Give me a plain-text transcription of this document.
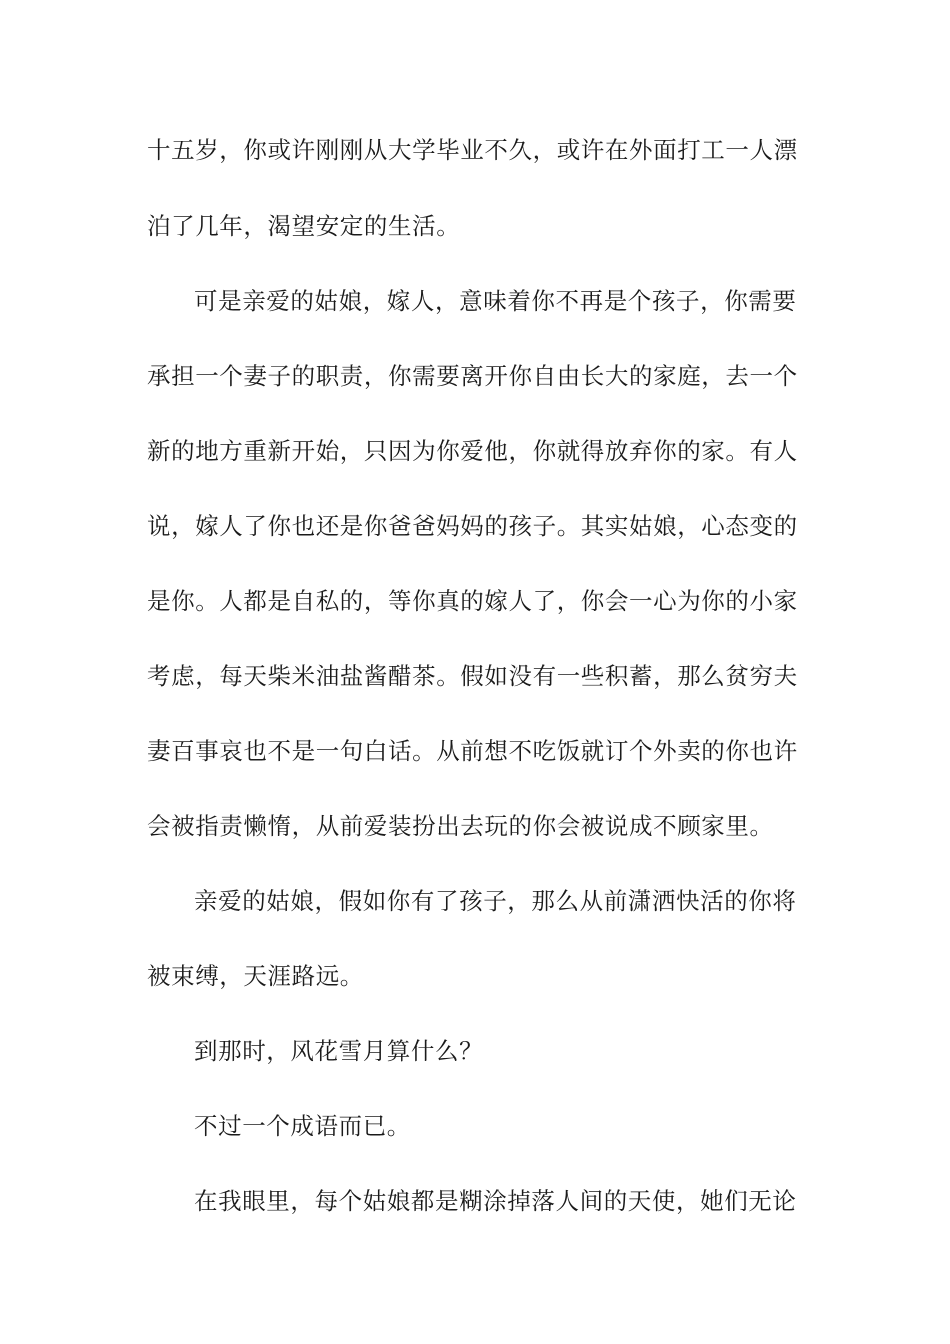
十五岁，你或许刚刚从大学毕业不久，或许在外面打工一人漂
泊了几年，渴望安定的生活。
可是亲爱的姑娘，嫁人，意味着你不再是个孩子，你需要
承担一个妻子的职责，你需要离开你自由长大的家庭，去一个
新的地方重新开始，只因为你爱他，你就得放弃你的家。有人
说，嫁人了你也还是你爸爸妈妈的孩子。其实姑娘，心态变的
是你。人都是自私的，等你真的嫁人了，你会一心为你的小家
考虑，每天柴米油盐酱醋茶。假如没有一些积蓄，那么贫穷夫
妻百事哀也不是一句白话。从前想不吃饭就订个外卖的你也许
会被指责懒惰，从前爱装扮出去玩的你会被说成不顾家里。
亲爱的姑娘，假如你有了孩子，那么从前潇洒快活的你将
被束缚，天涯路远。
到那时，风花雪月算什么？
不过一个成语而已。
在我眼里，每个姑娘都是糊涂掉落人间的天使，她们无论
